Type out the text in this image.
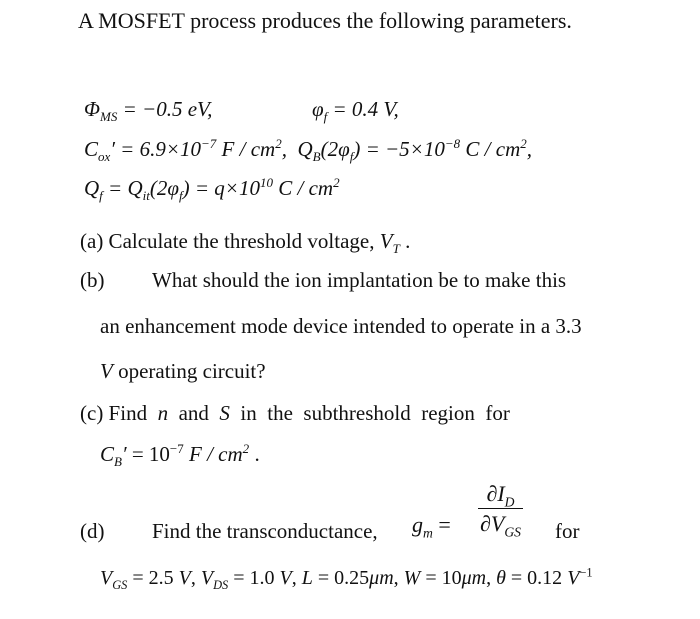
A MOSFET process produces the following parameters.
$\Phi_{MS} = -0.5$ eV,	$\varphi_f = 0.4$ V,
$C_{ox}' = 6.9\times 10^{-7}$ F / $cm^2$,  $Q_B(2\varphi_f) = -5\times 10^{-8}$ C / $cm^2$,
$Q_f = Q_{it}(2\varphi_f) = q\times 10^{10}$ C / $cm^2$
(a) Calculate the threshold voltage, $V_T$ .
(b) What should the ion implantation be to make this
an enhancement mode device intended to operate in a 3.3
V operating circuit?
(c) Find  n  and  S  in  the  subthreshold  region  for
$C_B' = 10^{-7}$ F / $cm^2$ .
(d) Find the transconductance, $g_m = \frac{\partial I_D}{\partial V_{GS}}$ for
$V_{GS} = 2.5$ V, $V_{DS} = 1.0$ V, L = 0.25μm, W = 10μm, θ = 0.12 $V^{-1}$
